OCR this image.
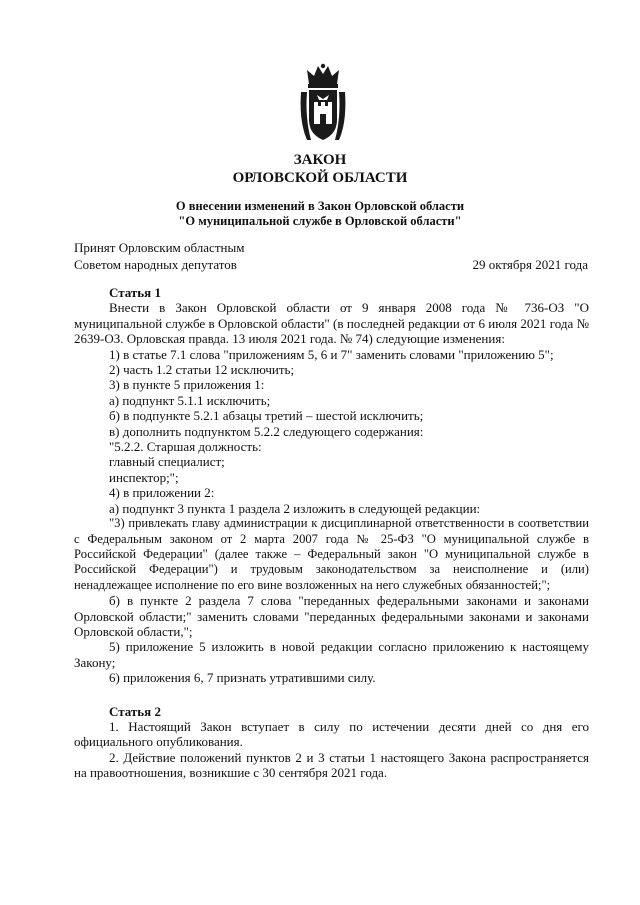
ЗАКОН
ОРЛОВСКОЙ ОБЛАСТИ
О внесении изменений в Закон Орловской области
"О муниципальной службе в Орловской области"
Принят Орловским областным
Советом народных депутатов	29 октября 2021 года

Статья 1

Внести в Закон Орловской области от 9 января 2008 года № 736-ОЗ "О муниципальной службе в Орловской области" (в последней редакции от 6 июля 2021 года № 2639-ОЗ. Орловская правда. 13 июля 2021 года. № 74) следующие изменения:

1) в статье 7.1 слова "приложениям 5, 6 и 7" заменить словами "приложению 5";

2) часть 1.2 статьи 12 исключить;

3) в пункте 5 приложения 1:

а) подпункт 5.1.1 исключить;

б) в подпункте 5.2.1 абзацы третий – шестой исключить;

в) дополнить подпунктом 5.2.2 следующего содержания:

"5.2.2. Старшая должность:

главный специалист;

инспектор;";

4) в приложении 2:

а) подпункт 3 пункта 1 раздела 2 изложить в следующей редакции:

"3) привлекать главу администрации к дисциплинарной ответственности в соответствии с Федеральным законом от 2 марта 2007 года № 25-ФЗ "О муниципальной службе в Российской Федерации" (далее также – Федеральный закон "О муниципальной службе в Российской Федерации") и трудовым законодательством за неисполнение и (или) ненадлежащее исполнение по его вине возложенных на него служебных обязанностей;";

б) в пункте 2 раздела 7 слова "переданных федеральными законами и законами Орловской области;" заменить словами "переданных федеральными законами и законами Орловской области,";

5) приложение 5 изложить в новой редакции согласно приложению к настоящему Закону;

6) приложения 6, 7 признать утратившими силу.

Статья 2

1. Настоящий Закон вступает в силу по истечении десяти дней со дня его официального опубликования.

2. Действие положений пунктов 2 и 3 статьи 1 настоящего Закона распространяется на правоотношения, возникшие с 30 сентября 2021 года.
